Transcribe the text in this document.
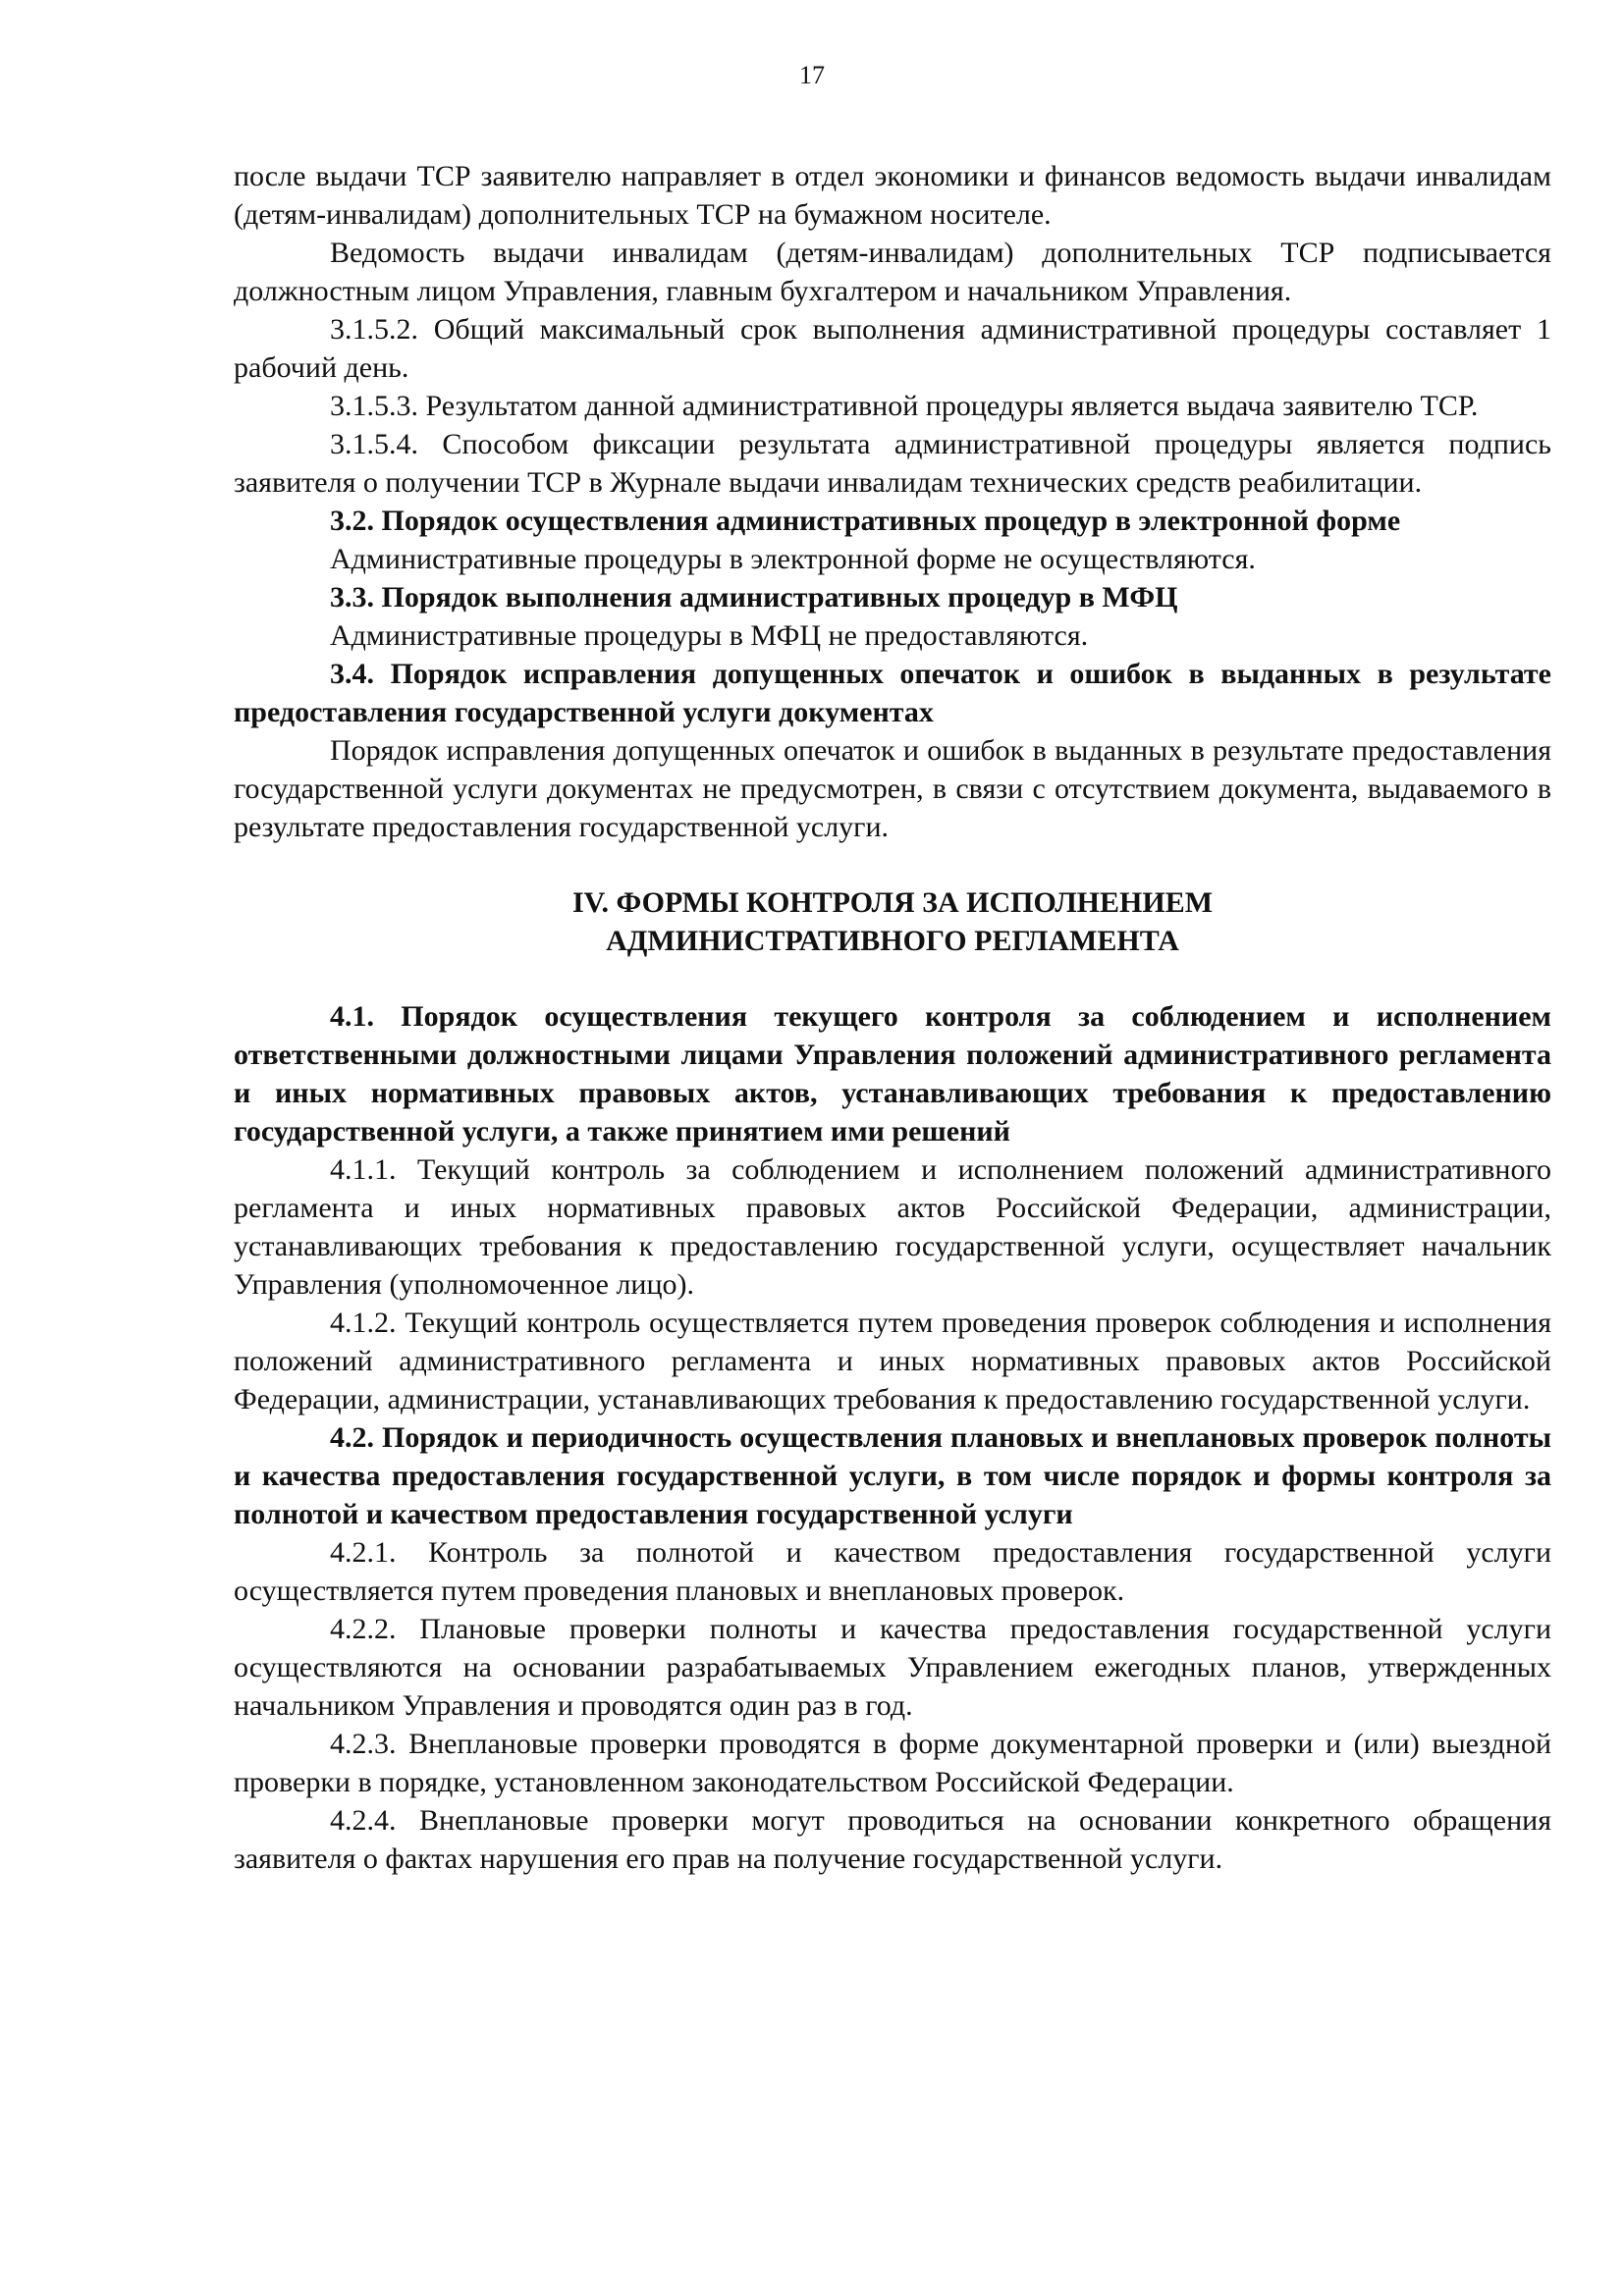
17

после выдачи ТСР заявителю направляет в отдел экономики и финансов ведомость выдачи инвалидам (детям-инвалидам) дополнительных ТСР на бумажном носителе.

Ведомость выдачи инвалидам (детям-инвалидам) дополнительных ТСР подписывается должностным лицом Управления, главным бухгалтером и начальником Управления.

3.1.5.2. Общий максимальный срок выполнения административной процедуры составляет 1 рабочий день.

3.1.5.3. Результатом данной административной процедуры является выдача заявителю ТСР.

3.1.5.4. Способом фиксации результата административной процедуры является подпись заявителя о получении ТСР в Журнале выдачи инвалидам технических средств реабилитации.

3.2. Порядок осуществления административных процедур в электронной форме

Административные процедуры в электронной форме не осуществляются.

3.3. Порядок выполнения административных процедур в МФЦ

Административные процедуры в МФЦ не предоставляются.

3.4. Порядок исправления допущенных опечаток и ошибок в выданных в результате предоставления государственной услуги документах

Порядок исправления допущенных опечаток и ошибок в выданных в результате предоставления государственной услуги документах не предусмотрен, в связи с отсутствием документа, выдаваемого в результате предоставления государственной услуги.

IV. ФОРМЫ КОНТРОЛЯ ЗА ИСПОЛНЕНИЕМ
АДМИНИСТРАТИВНОГО РЕГЛАМЕНТА

4.1. Порядок осуществления текущего контроля за соблюдением и исполнением ответственными должностными лицами Управления положений административного регламента и иных нормативных правовых актов, устанавливающих требования к предоставлению государственной услуги, а также принятием ими решений

4.1.1. Текущий контроль за соблюдением и исполнением положений административного регламента и иных нормативных правовых актов Российской Федерации, администрации, устанавливающих требования к предоставлению государственной услуги, осуществляет начальник Управления (уполномоченное лицо).

4.1.2. Текущий контроль осуществляется путем проведения проверок соблюдения и исполнения положений административного регламента и иных нормативных правовых актов Российской Федерации, администрации, устанавливающих требования к предоставлению государственной услуги.

4.2. Порядок и периодичность осуществления плановых и внеплановых проверок полноты и качества предоставления государственной услуги, в том числе порядок и формы контроля за полнотой и качеством предоставления государственной услуги

4.2.1. Контроль за полнотой и качеством предоставления государственной услуги осуществляется путем проведения плановых и внеплановых проверок.

4.2.2. Плановые проверки полноты и качества предоставления государственной услуги осуществляются на основании разрабатываемых Управлением ежегодных планов, утвержденных начальником Управления и проводятся один раз в год.

4.2.3. Внеплановые проверки проводятся в форме документарной проверки и (или) выездной проверки в порядке, установленном законодательством Российской Федерации.

4.2.4. Внеплановые проверки могут проводиться на основании конкретного обращения заявителя о фактах нарушения его прав на получение государственной услуги.
